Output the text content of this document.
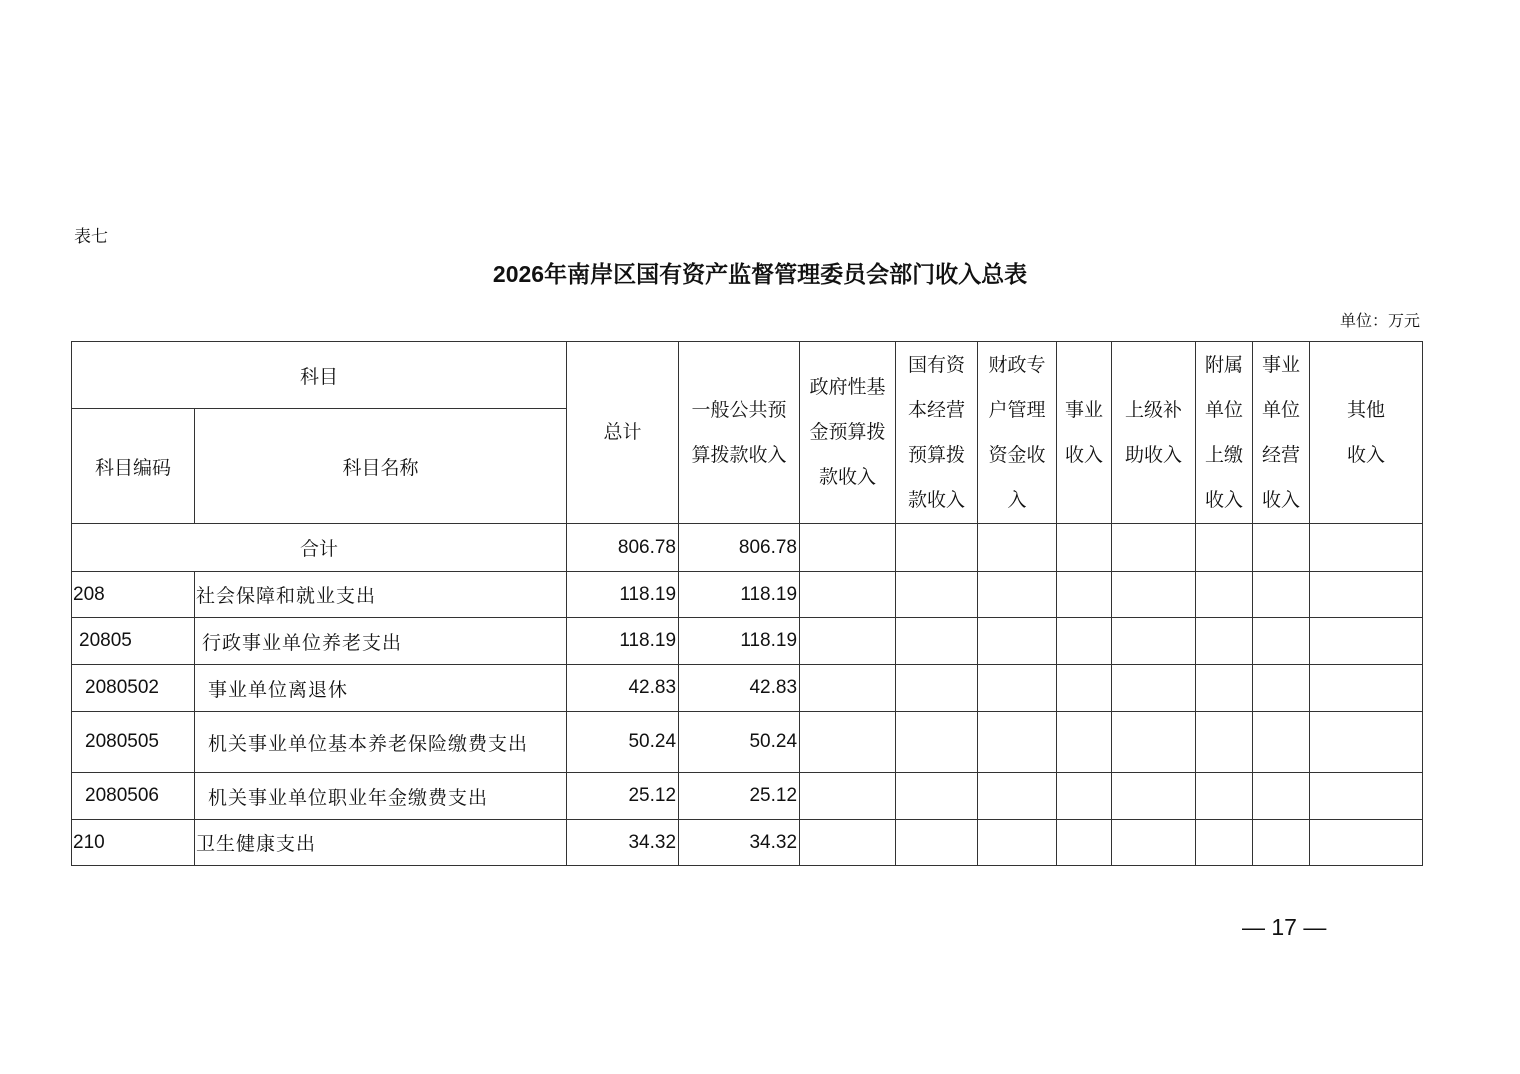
表七
2026年南岸区国有资产监督管理委员会部门收入总表
单位：万元
科目		总计	一般公共预算拨款收入	政府性基金预算拨款收入	国有资本经营预算拨款收入	财政专户管理资金收入	事业收入	上级补助收入	附属单位上缴收入	事业单位经营收入	其他收入

科目编码	科目名称										
合计		806.78	806.78								
208	社会保障和就业支出	118.19	118.19								
20805	行政事业单位养老支出	118.19	118.19								
2080502	事业单位离退休	42.83	42.83								
2080505	机关事业单位基本养老保险缴费支出	50.24	50.24								
2080506	机关事业单位职业年金缴费支出	25.12	25.12								
210	卫生健康支出	34.32	34.32								
— 17 —
